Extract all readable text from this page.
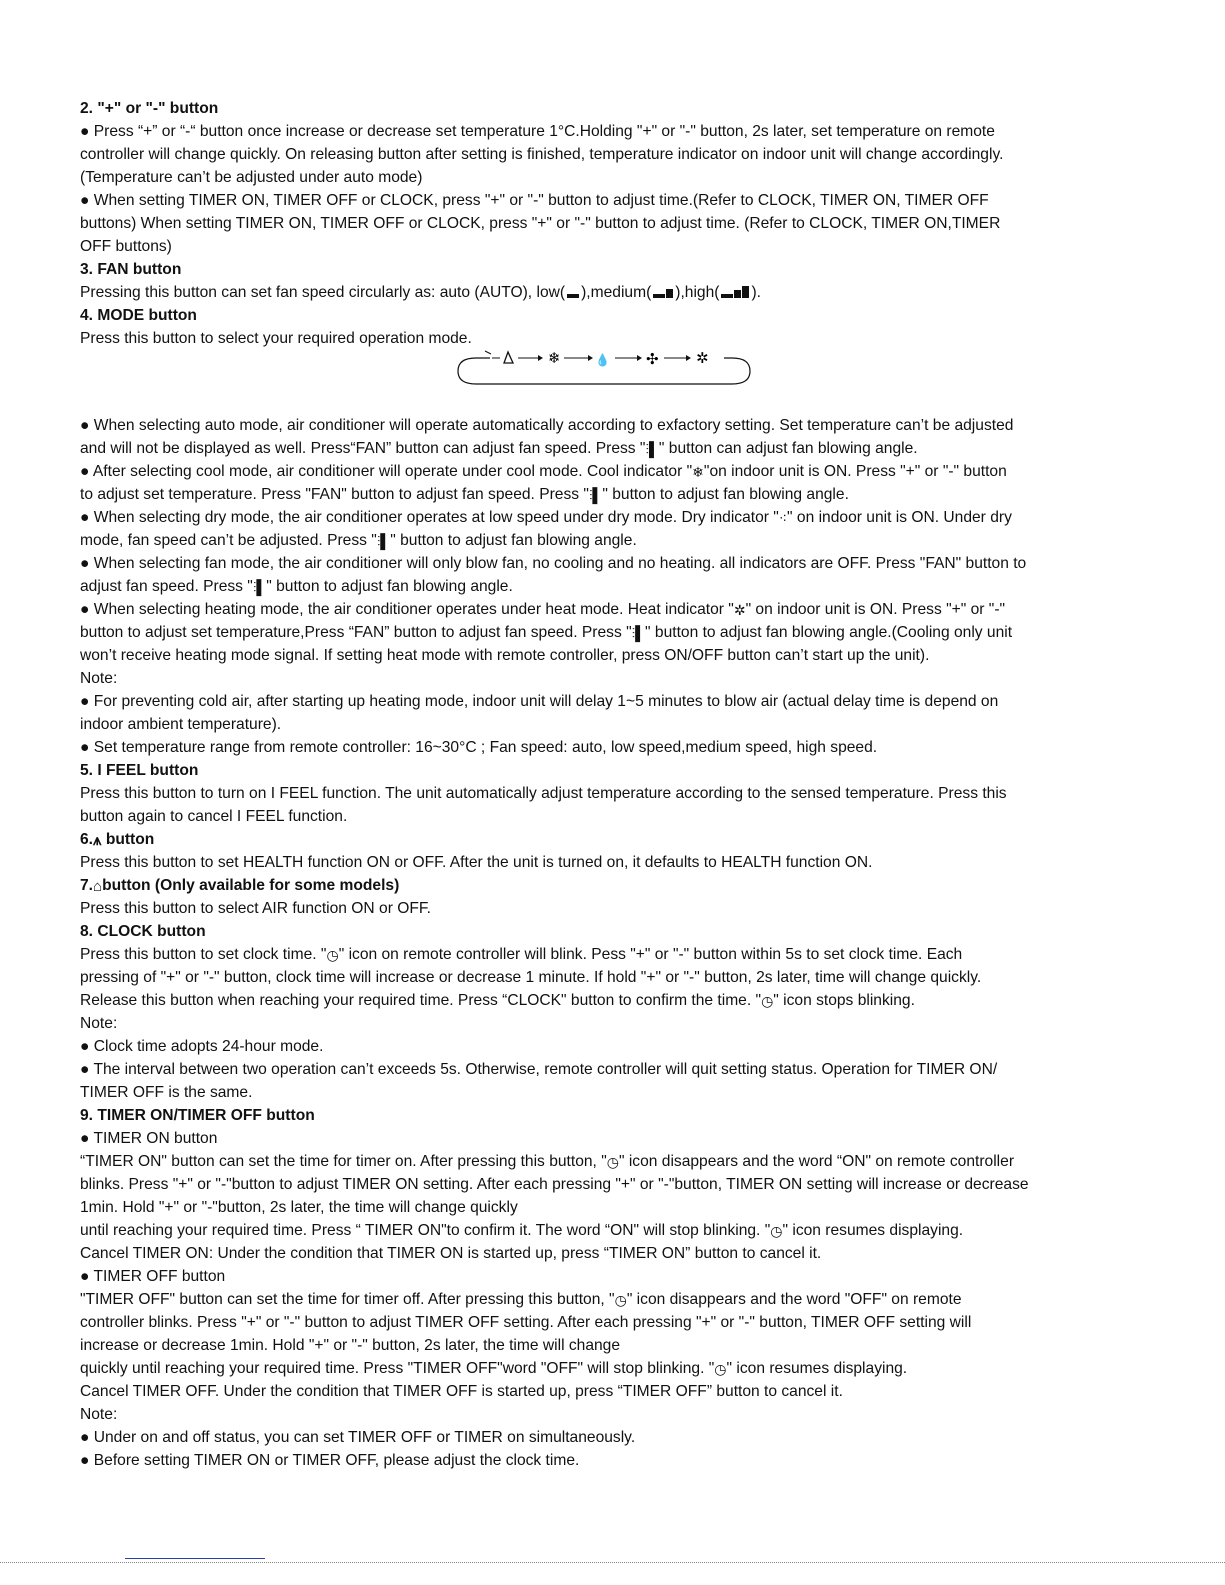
2. "+" or "-" button
● Press “+” or “-“ button once increase or decrease set temperature 1°C.Holding "+" or "-" button, 2s later, set temperature on remote
controller will change quickly. On releasing button after setting is finished, temperature indicator on indoor unit will change accordingly.
(Temperature can’t be adjusted under auto mode)
● When setting TIMER ON, TIMER OFF or CLOCK, press "+" or "-" button to adjust time.(Refer to CLOCK, TIMER ON, TIMER OFF
buttons) When setting TIMER ON, TIMER OFF or CLOCK, press "+" or "-" button to adjust time. (Refer to CLOCK, TIMER ON,TIMER
OFF buttons)
3. FAN button
Pressing this button can set fan speed circularly as: auto (AUTO), low( ),medium( ),high( ).
4. MODE button
Press this button to select your required operation mode.
❄	💧 ✣ ✲
● When selecting auto mode, air conditioner will operate automatically according to exfactory setting. Set temperature can’t be adjusted
and will not be displayed as well. Press“FAN” button can adjust fan speed. Press "⫶▌" button can adjust fan blowing angle.
● After selecting cool mode, air conditioner will operate under cool mode. Cool indicator "❄"on indoor unit is ON. Press "+" or "-" button
to adjust set temperature. Press "FAN" button to adjust fan speed. Press "⫶▌" button to adjust fan blowing angle.
● When selecting dry mode, the air conditioner operates at low speed under dry mode. Dry indicator "⁖" on indoor unit is ON. Under dry
mode, fan speed can’t be adjusted. Press "⫶▌" button to adjust fan blowing angle.
● When selecting fan mode, the air conditioner will only blow fan, no cooling and no heating. all indicators are OFF. Press "FAN" button to
adjust fan speed. Press "⫶▌" button to adjust fan blowing angle.
● When selecting heating mode, the air conditioner operates under heat mode. Heat indicator "✲" on indoor unit is ON. Press "+" or "-"
button to adjust set temperature,Press “FAN” button to adjust fan speed. Press "⫶▌" button to adjust fan blowing angle.(Cooling only unit
won’t receive heating mode signal. If setting heat mode with remote controller, press ON/OFF button can’t start up the unit).
Note:
● For preventing cold air, after starting up heating mode, indoor unit will delay 1~5 minutes to blow air (actual delay time is depend on
indoor ambient temperature).
● Set temperature range from remote controller: 16~30°C ; Fan speed: auto, low speed,medium speed, high speed.
5. I FEEL button
Press this button to turn on I FEEL function. The unit automatically adjust temperature according to the sensed temperature. Press this
button again to cancel I FEEL function.
6.⩚ button
Press this button to set HEALTH function ON or OFF. After the unit is turned on, it defaults to HEALTH function ON.
7.⌂button (Only available for some models)
Press this button to select AIR function ON or OFF.
8. CLOCK button
Press this button to set clock time. "◷" icon on remote controller will blink. Pess "+" or "-" button within 5s to set clock time. Each
pressing of "+" or "-" button, clock time will increase or decrease 1 minute. If hold "+" or "-" button, 2s later, time will change quickly.
Release this button when reaching your required time. Press “CLOCK" button to confirm the time. "◷" icon stops blinking.
Note:
● Clock time adopts 24-hour mode.
● The interval between two operation can’t exceeds 5s. Otherwise, remote controller will quit setting status. Operation for TIMER ON/
TIMER OFF is the same.
9. TIMER ON/TIMER OFF button
● TIMER ON button
“TIMER ON" button can set the time for timer on. After pressing this button, "◷" icon disappears and the word “ON" on remote controller
blinks. Press "+" or "-"button to adjust TIMER ON setting. After each pressing "+" or "-"button, TIMER ON setting will increase or decrease
1min. Hold "+" or "-"button, 2s later, the time will change quickly
until reaching your required time. Press “ TIMER ON"to confirm it. The word “ON" will stop blinking. "◷" icon resumes displaying.
Cancel TIMER ON: Under the condition that TIMER ON is started up, press “TIMER ON” button to cancel it.
● TIMER OFF button
"TIMER OFF" button can set the time for timer off. After pressing this button, "◷" icon disappears and the word "OFF" on remote
controller blinks. Press "+" or "-" button to adjust TIMER OFF setting. After each pressing "+" or "-" button, TIMER OFF setting will
increase or decrease 1min. Hold "+" or "-" button, 2s later, the time will change
quickly until reaching your required time. Press "TIMER OFF"word "OFF" will stop blinking. "◷" icon resumes displaying.
Cancel TIMER OFF. Under the condition that TIMER OFF is started up, press “TIMER OFF” button to cancel it.
Note:
● Under on and off status, you can set TIMER OFF or TIMER on simultaneously.
● Before setting TIMER ON or TIMER OFF, please adjust the clock time.
